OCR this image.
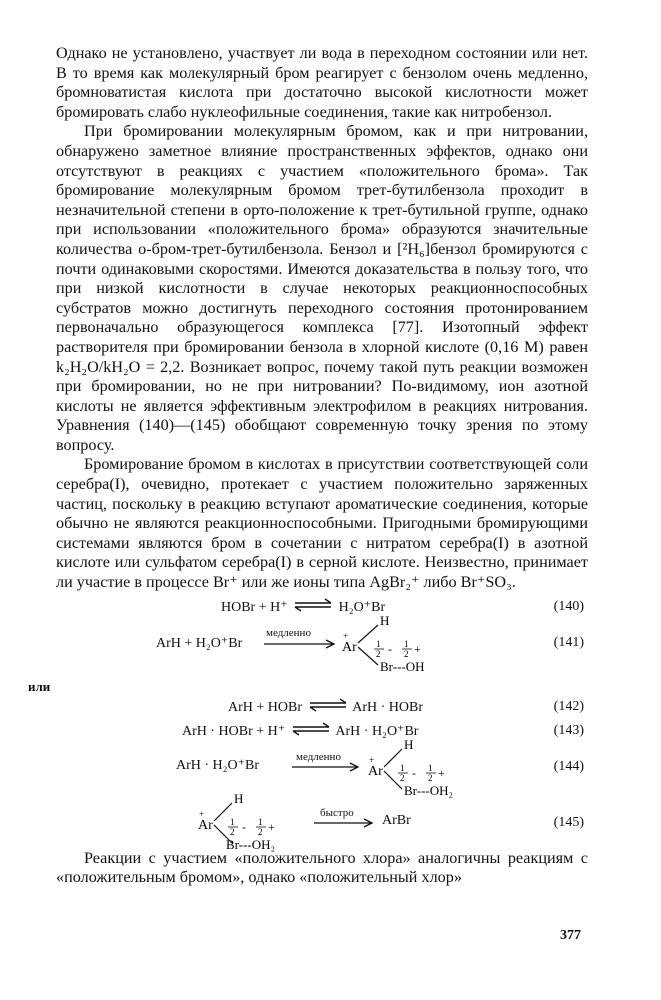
Однако не установлено, участвует ли вода в переходном состоянии или нет. В то время как молекулярный бром реагирует с бензолом очень медленно, бромноватистая кислота при достаточно высокой кислотности может бромировать слабо нуклеофильные соединения, такие как нитробензол.

При бромировании молекулярным бромом, как и при нитровании, обнаружено заметное влияние пространственных эффектов, однако они отсутствуют в реакциях с участием «положительного брома». Так бромирование молекулярным бромом трет-бутилбензола проходит в незначительной степени в орто-положение к трет-бутильной группе, однако при использовании «положительного брома» образуются значительные количества о-бром-трет-бутилбензола. Бензол и [²H₆]бензол бромируются с почти одинаковыми скоростями. Имеются доказательства в пользу того, что при низкой кислотности в случае некоторых реакционноспособных субстратов можно достигнуть переходного состояния протонированием первоначально образующегося комплекса [77]. Изотопный эффект растворителя при бромировании бензола в хлорной кислоте (0,16 M) равен k₂H₂O/kH₂O = 2,2. Возникает вопрос, почему такой путь реакции возможен при бромировании, но не при нитровании? По-видимому, ион азотной кислоты не является эффективным электрофилом в реакциях нитрования. Уравнения (140)—(145) обобщают современную точку зрения по этому вопросу.

Бромирование бромом в кислотах в присутствии соответствующей соли серебра(I), очевидно, протекает с участием положительно заряженных частиц, поскольку в реакцию вступают ароматические соединения, которые обычно не являются реакционноспособными. Пригодными бромирующими системами являются бром в сочетании с нитратом серебра(I) в азотной кислоте или сульфатом серебра(I) в серной кислоте. Неизвестно, принимает ли участие в процессе Br⁺ или же ионы типа AgBr₂⁺ либо Br⁺SO₃.

HOBr + H⁺ ⇌ H₂O⁺Br	(140)
ArH + H₂O⁺Br
медленно
Ar
+
H
Br---OH
1
2 - 1
2 +	(141)
или
ArH + HOBr ⇌ ArH · HOBr	(142)
ArH · HOBr + H⁺ ⇌ ArH · H₂O⁺Br	(143)
ArH · H₂O⁺Br
медленно
Ar
+
H
Br---OH₂
1
2 - 1
2 +	(144)
Ar
+
H
Br---OH₂
1
2 - 1
2 +
быстро ArBr	(145)

Реакции с участием «положительного хлора» аналогичны реакциям с «положительным бромом», однако «положительный хлор»

377
